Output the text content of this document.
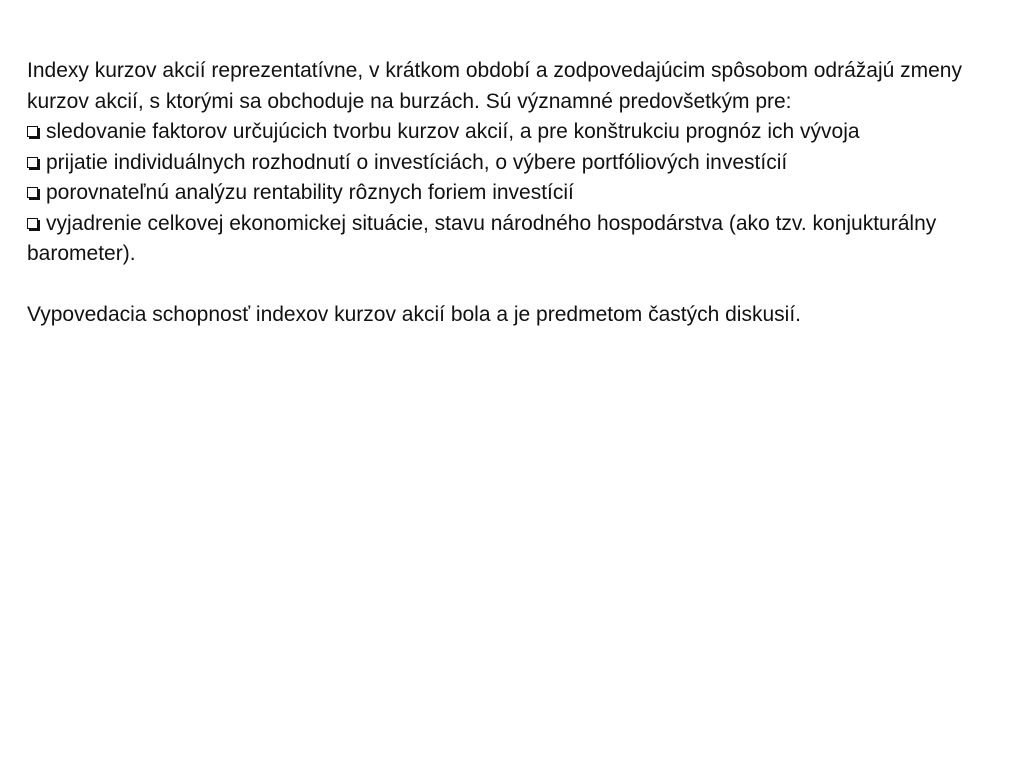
Indexy kurzov akcií reprezentatívne, v krátkom období a zodpovedajúcim spôsobom odrážajú zmeny kurzov akcií, s ktorými sa obchoduje na burzách. Sú významné predovšetkým pre:

sledovanie faktorov určujúcich tvorbu kurzov akcií, a pre konštrukciu prognóz ich vývoja
prijatie individuálnych rozhodnutí o investíciách, o výbere portfóliových investícií
porovnateľnú analýzu rentability rôznych foriem investícií
vyjadrenie celkovej ekonomickej situácie, stavu národného hospodárstva (ako tzv. konjukturálny barometer).

Vypovedacia schopnosť indexov kurzov akcií bola a je predmetom častých diskusií.
